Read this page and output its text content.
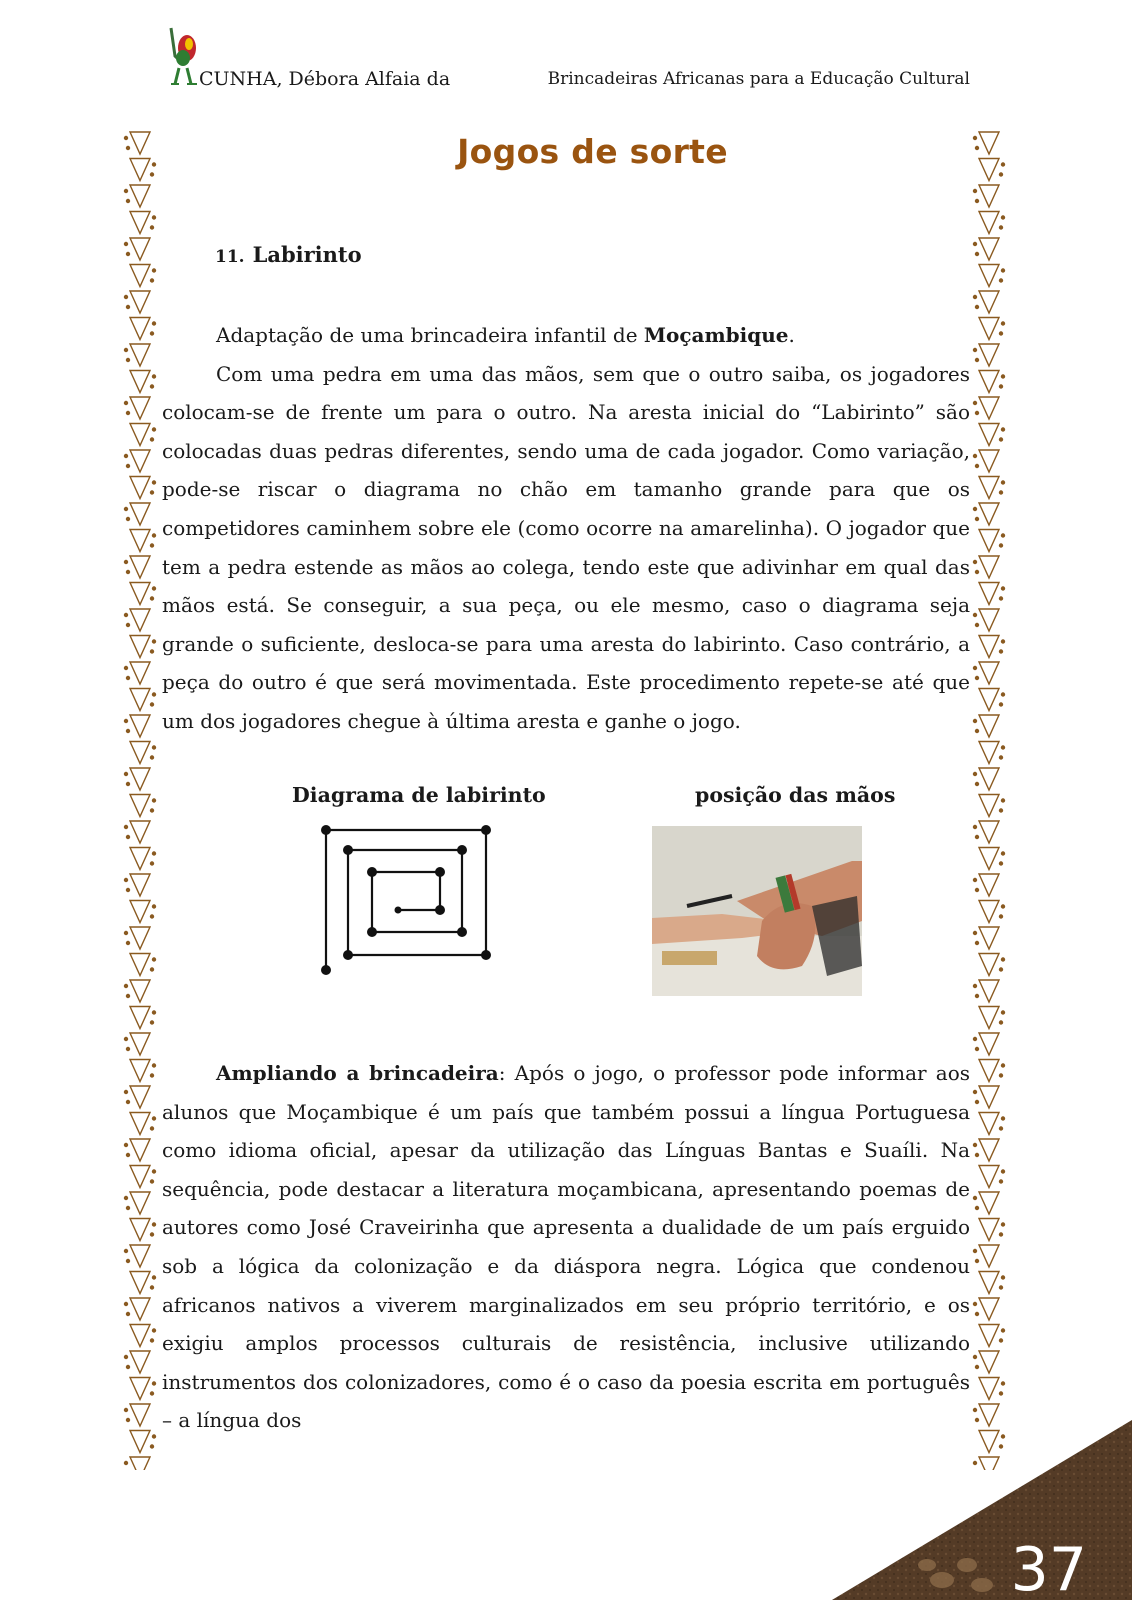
CUNHA, Débora Alfaia da	Brincadeiras Africanas para a Educação Cultural
Jogos de sorte
11. Labirinto

Adaptação de uma brincadeira infantil de Moçambique.

Com uma pedra em uma das mãos, sem que o outro saiba, os jogadores colocam-se de frente um para o outro. Na aresta inicial do “Labirinto” são colocadas duas pedras diferentes, sendo uma de cada jogador. Como variação, pode-se riscar o diagrama no chão em tamanho grande para que os competidores caminhem sobre ele (como ocorre na amarelinha). O jogador que tem a pedra estende as mãos ao colega, tendo este que adivinhar em qual das mãos está. Se conseguir, a sua peça, ou ele mesmo, caso o diagrama seja grande o suficiente, desloca-se para uma aresta do labirinto. Caso contrário, a peça do outro é que será movimentada. Este procedimento repete-se até que um dos jogadores chegue à última aresta e ganhe o jogo.

Diagrama de labirinto	posição das mãos

Ampliando a brincadeira: Após o jogo, o professor pode informar aos alunos que Moçambique é um país que também possui a língua Portuguesa como idioma oficial, apesar da utilização das Línguas Bantas e Suaíli. Na sequência, pode destacar a literatura moçambicana, apresentando poemas de autores como José Craveirinha que apresenta a dualidade de um país erguido sob a lógica da colonização e da diáspora negra. Lógica que condenou africanos nativos a viverem marginalizados em seu próprio território, e os exigiu amplos processos culturais de resistência, inclusive utilizando instrumentos dos colonizadores, como é o caso da poesia escrita em português – a língua dos

37
